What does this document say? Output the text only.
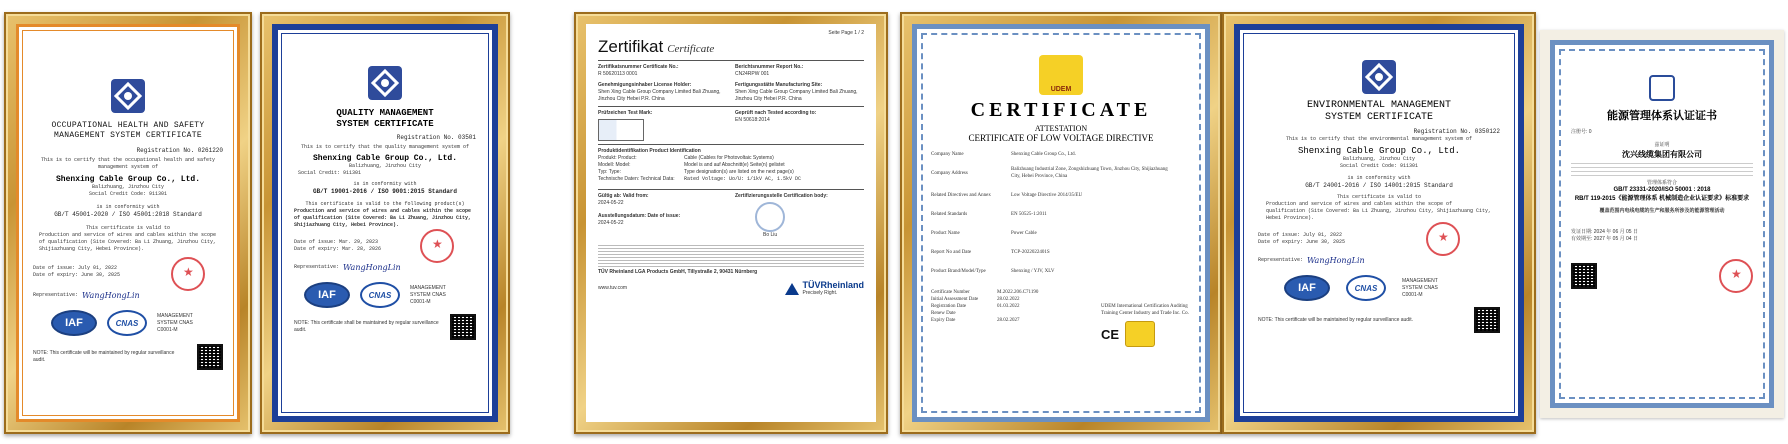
OCCUPATIONAL HEALTH AND SAFETY MANAGEMENT SYSTEM CERTIFICATE
Registration No. 0261220
This is to certify that the occupational health and safety management system of
Shenxing Cable Group Co., Ltd.
Balizhuang, Jinzhou City
Social Credit Code: 911301
is in conformity with
GB/T 45001-2020 / ISO 45001:2018 Standard
This certificate is valid to
Production and service of wires and cables within the scope of qualification (Site Covered: Ba Li Zhuang, Jinzhou City, Shijiazhuang City, Hebei Province).
Date of issue: July 01, 2022
Date of expiry: June 30, 2025
★
Representative: WangHongLin
IAF	CNAS
MANAGEMENT SYSTEM CNAS C0001-M
NOTE: This certificate will be maintained by regular surveillance audit.
QUALITY MANAGEMENT SYSTEM CERTIFICATE
Registration No. 03501
This is to certify that the quality management system of
Shenxing Cable Group Co., Ltd.
Balizhuang, Jinzhou City
Social Credit: 911301
is in conformity with
GB/T 19001-2016 / ISO 9001:2015 Standard
This certificate is valid to the following product(s)
Production and service of wires and cables within the scope of qualification (Site Covered: Ba Li Zhuang, Jinzhou City, Shijiazhuang City, Hebei Province).
Date of issue: Mar. 29, 2023
Date of expiry: Mar. 28, 2026
★
Representative: WangHongLin
IAF	CNAS
MANAGEMENT SYSTEM CNAS C0001-M
NOTE: This certificate shall be maintained by regular surveillance audit.
Seite Page 1 / 2
Zertifikat Certificate
Zertifikatsnummer Certificate No.:
R 50620113 0001
Genehmigungsinhaber License Holder:
Shen Xing Cable Group Company Limited Bali Zhuang, Jinzhou City Hebei P.R. China
Berichtsnummer Report No.:
CN24RPW 001
Fertigungsstätte Manufacturing Site:
Shen Xing Cable Group Company Limited Bali Zhuang, Jinzhou City Hebei P.R. China
Prüfzeichen Test Mark:	Geprüft nach Tested according to:
EN 50618:2014
Produktidentifikation Product Identification
Produkt: Product:	Cable (Cables for Photovoltaic Systems)
Modell: Model:	Model is and auf Abschnitt(e) Seite(n) gelistet
Typ: Type:	Type designation(s) are listed on the next page(s)
Technische Daten: Technical Data:	Rated Voltage: Uo/U: 1/1kV AC, 1.5kV DC
Gültig ab: Valid from:
2024-05-22
Ausstellungsdatum: Date of issue:
2024-05-22
Zertifizierungsstelle Certification body:
Bo Liu
TÜV Rheinland LGA Products GmbH, Tillystraße 2, 90431 Nürnberg
www.tuv.com	TÜVRheinland
Precisely Right.
UDEM
CERTIFICATE
ATTESTATION
CERTIFICATE OF LOW VOLTAGE DIRECTIVE
Company Name	Shenxing Cable Group Co., Ltd.
Company Address
Balizhuang Industrial Zone, Zongshizhuang Town, Jinzhou City, Shijiazhuang City, Hebei Province, China
Related Directives and Annex	Low Voltage Directive 2014/35/EU
Related Standards	EN 50525-1:2011
Product Name	Power Cable
Report No and Date	TCP-2022022401S
Product Brand/Model/Type	Shenxing / YJV, XLV
Certificate Number	M.2022.206.C71190
Initial Assessment Date	28.02.2022
Registration Date	01.03.2022
Renew Date
Expiry Date	28.02.2027

UDEM International Certification Auditing Training Center Industry and Trade Inc. Co.
CE
ENVIRONMENTAL MANAGEMENT SYSTEM CERTIFICATE
Registration No. 0350122
This is to certify that the environmental management system of
Shenxing Cable Group Co., Ltd.
Balizhuang, Jinzhou City
Social Credit Code: 911301
is in conformity with
GB/T 24001-2016 / ISO 14001:2015 Standard
This certificate is valid to
Production and service of wires and cables within the scope of qualification (Site Covered: Ba Li Zhuang, Jinzhou City, Shijiazhuang City, Hebei Province).
Date of issue: July 01, 2022
Date of expiry: June 30, 2025
★
Representative: WangHongLin
IAF	CNAS
MANAGEMENT SYSTEM CNAS C0001-M
NOTE: This certificate will be maintained by regular surveillance audit.
能源管理体系认证证书
注册号: 0
兹证明
沈兴线缆集团有限公司
管理体系符合
GB/T 23331-2020/ISO 50001 : 2018
RB/T 119-2015《能源管理体系 机械制造企业认证要求》标准要求
覆盖范围内电线电缆的生产和服务所涉及的能源管理活动
发证日期: 2024 年 06 月 05 日
有效期至: 2027 年 05 月 04 日

★
